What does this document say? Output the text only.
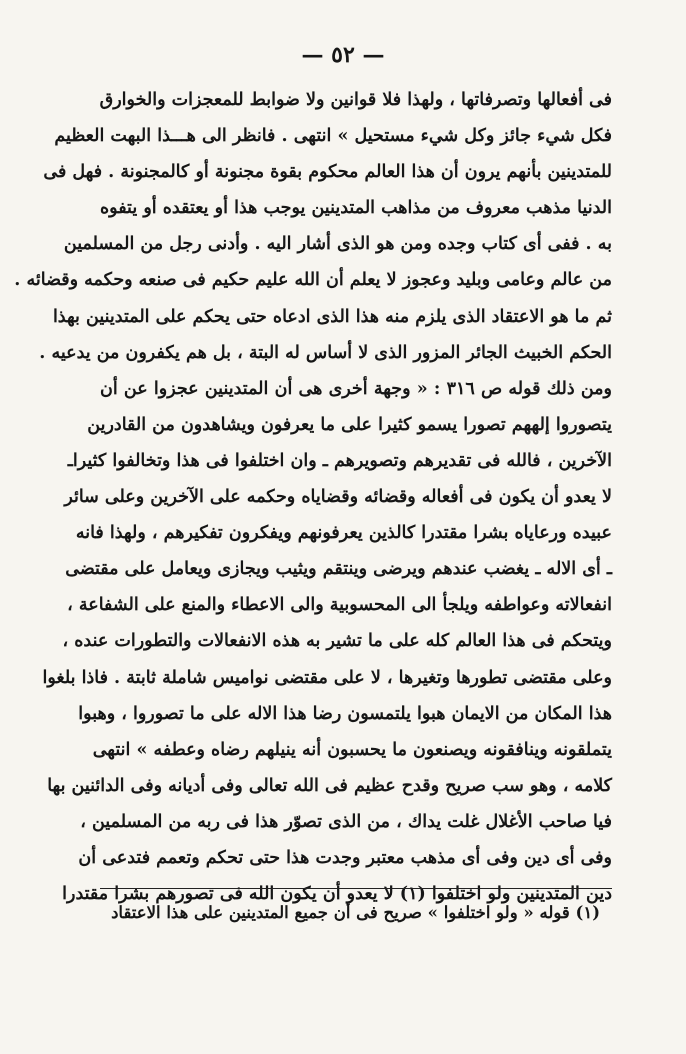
— ٥٢ —
فى أفعالها وتصرفاتها ، ولهذا فلا قوانين ولا ضوابط للمعجزات والخوارق
فكل شيء جائز وكل شيء مستحيل » انتهى . فانظر الى هـــذا البهت العظيم
للمتدينين بأنهم يرون أن هذا العالم محكوم بقوة مجنونة أو كالمجنونة . فهل فى
الدنيا مذهب معروف من مذاهب المتدينين يوجب هذا أو يعتقده أو يتفوه
به . ففى أى كتاب وجده ومن هو الذى أشار اليه . وأدنى رجل من المسلمين
من عالم وعامى وبليد وعجوز لا يعلم أن الله عليم حكيم فى صنعه وحكمه وقضائه .
ثم ما هو الاعتقاد الذى يلزم منه هذا الذى ادعاه حتى يحكم على المتدينين بهذا
الحكم الخبيث الجائر المزور الذى لا أساس له البتة ، بل هم يكفرون من يدعيه .
ومن ذلك قوله ص ٣١٦ : « وجهة أخرى هى أن المتدينين عجزوا عن أن
يتصوروا إلههم تصورا يسمو كثيرا على ما يعرفون ويشاهدون من القادرين
الآخرين ، فالله فى تقديرهم وتصويرهم ـ وان اختلفوا فى هذا وتخالفوا كثيراـ
لا يعدو أن يكون فى أفعاله وقضائه وقضاياه وحكمه على الآخرين وعلى سائر
عبيده ورعاياه بشرا مقتدرا كالذين يعرفونهم ويفكرون تفكيرهم ، ولهذا فانه
ـ أى الاله ـ يغضب عندهم ويرضى وينتقم ويثيب ويجازى ويعامل على مقتضى
انفعالاته وعواطفه ويلجأ الى المحسوبية والى الاعطاء والمنع على الشفاعة ،
ويتحكم فى هذا العالم كله على ما تشير به هذه الانفعالات والتطورات عنده ،
وعلى مقتضى تطورها وتغيرها ، لا على مقتضى نواميس شاملة ثابتة . فاذا بلغوا
هذا المكان من الايمان هبوا يلتمسون رضا هذا الاله على ما تصوروا ، وهبوا
يتملقونه وينافقونه ويصنعون ما يحسبون أنه ينيلهم رضاه وعطفه » انتهى
كلامه ، وهو سب صريح وقدح عظيم فى الله تعالى وفى أديانه وفى الدائنين بها
فيا صاحب الأغلال غلت يداك ، من الذى تصوّر هذا فى ربه من المسلمين ،
وفى أى دين وفى أى مذهب معتبر وجدت هذا حتى تحكم وتعمم فتدعى أن
دين المتدينين ولو اختلفوا (١) لا يعدو أن يكون الله فى تصورهم بشرا مقتدرا
(١) قوله « ولو اختلفوا » صريح فى أن جميع المتدينين على هذا الاعتقاد
